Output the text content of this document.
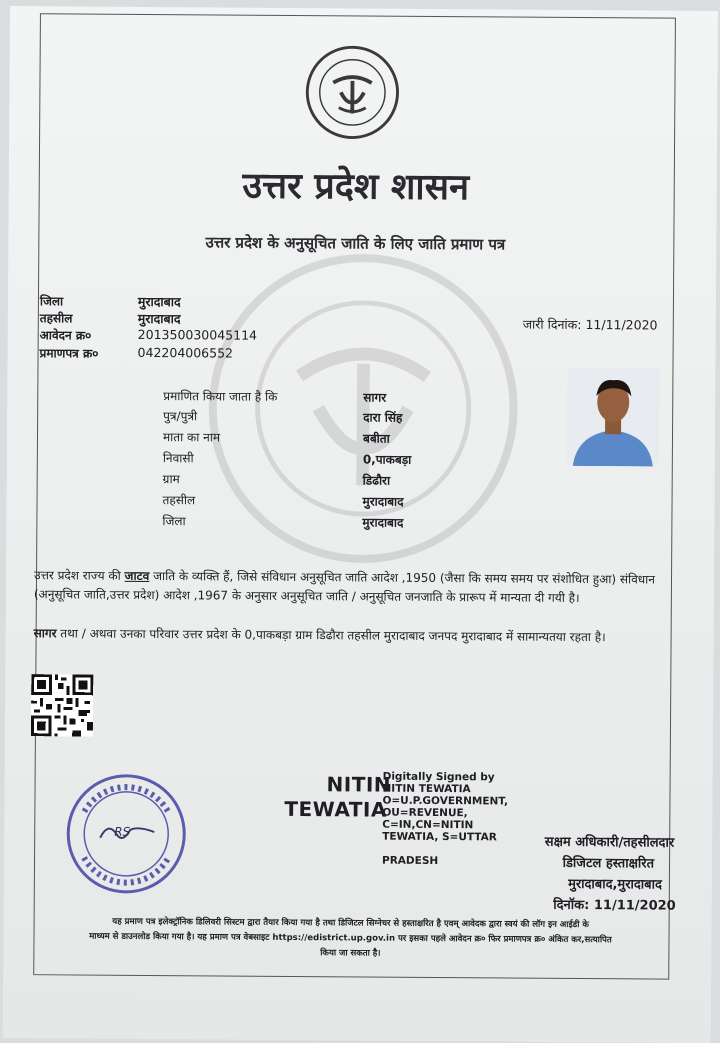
उत्तर प्रदेश शासन
उत्तर प्रदेश के अनुसूचित जाति के लिए जाति प्रमाण पत्र
जिला	मुरादाबाद
तहसील	मुरादाबाद
आवेदन क्र०	201350030045114
प्रमाणपत्र क्र०	042204006552
जारी दिनांक: 11/11/2020
प्रमाणित किया जाता है कि	सागर
पुत्र/पुत्री	दारा सिंह
माता का नाम	बबीता
निवासी	0,पाकबड़ा
ग्राम	डिढौरा
तहसील	मुरादाबाद
जिला	मुरादाबाद
उत्तर प्रदेश राज्य की जाटव जाति के व्यक्ति हैं, जिसे संविधान अनुसूचित जाति आदेश ,1950 (जैसा कि समय समय पर संशोधित हुआ) संविधान (अनुसूचित जाति,उत्तर प्रदेश) आदेश ,1967 के अनुसार अनुसूचित जाति / अनुसूचित जनजाति के प्रारूप में मान्यता दी गयी है।
सागर तथा / अथवा उनका परिवार उत्तर प्रदेश के 0,पाकबड़ा ग्राम डिढौरा तहसील मुरादाबाद जनपद मुरादाबाद में सामान्यतया रहता है।
RS
NITIN
TEWATIA
Digitally Signed by
NITIN TEWATIA
O=U.P.GOVERNMENT,
OU=REVENUE,
C=IN,CN=NITIN
TEWATIA, S=UTTAR
PRADESH
सक्षम अधिकारी/तहसीलदार
डिजिटल हस्ताक्षरित
मुरादाबाद,मुरादाबाद
दिनॉक: 11/11/2020
यह प्रमाण पत्र इलेक्ट्रॉनिक डिलिवरी सिस्टम द्वारा तैयार किया गया है तथा डिजिटल सिग्नेचर से हस्ताक्षरित है एवम् आवेदक द्वारा स्वयं की लॉग इन आईडी के
माध्यम से डाउनलोड किया गया है। यह प्रमाण पत्र वेबसाइट https://edistrict.up.gov.in पर इसका पहले आवेदन क्र० फिर प्रमाणपत्र क्र० अंकित कर,सत्यापित
किया जा सकता है।
